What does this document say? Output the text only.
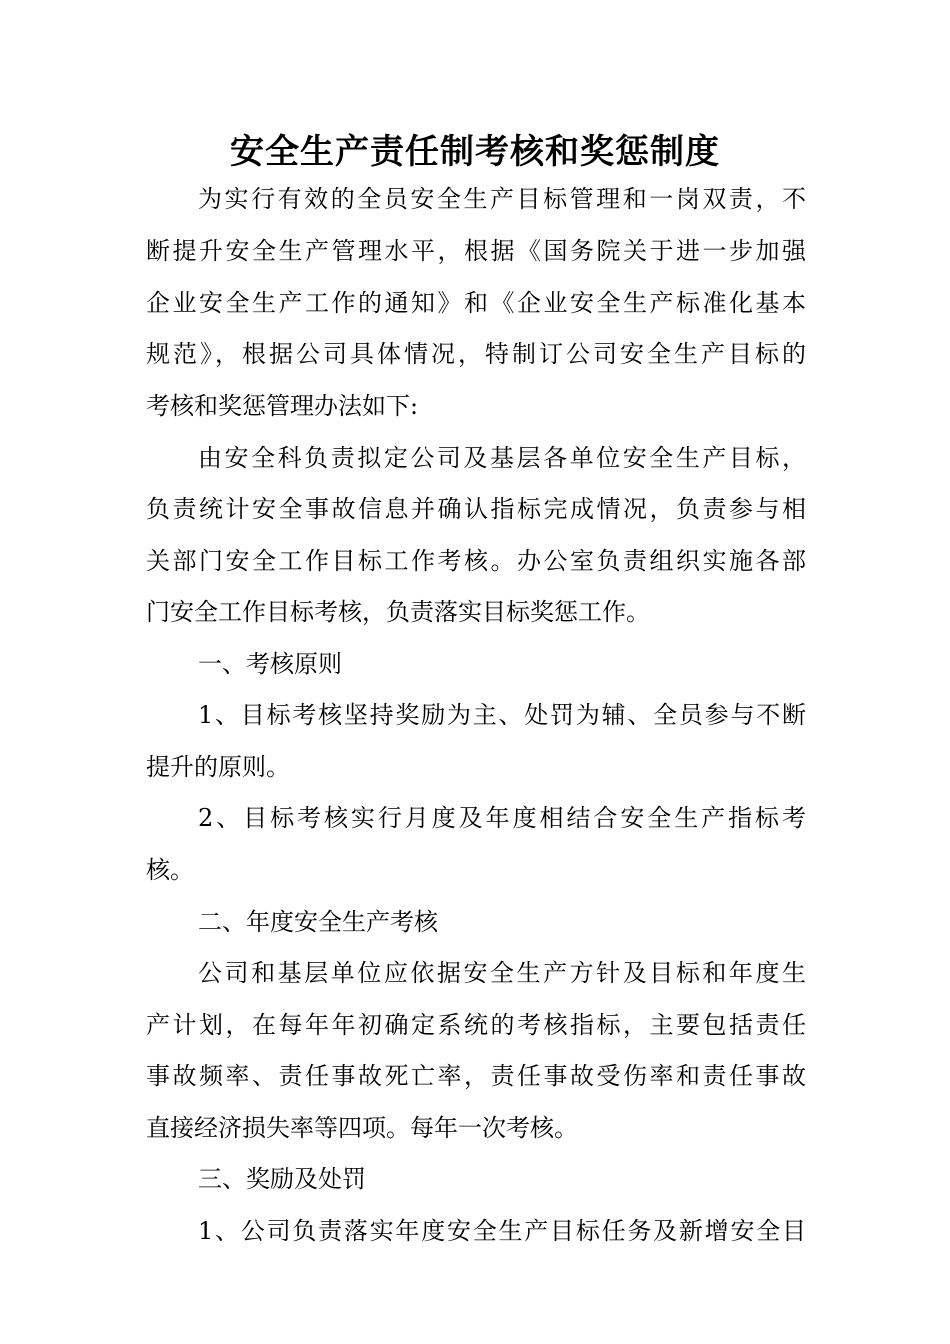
安全生产责任制考核和奖惩制度
为实行有效的全员安全生产目标管理和一岗双责，不
断提升安全生产管理水平，根据《国务院关于进一步加强
企业安全生产工作的通知》和《企业安全生产标准化基本
规范》，根据公司具体情况，特制订公司安全生产目标的
考核和奖惩管理办法如下:
由安全科负责拟定公司及基层各单位安全生产目标，
负责统计安全事故信息并确认指标完成情况，负责参与相
关部门安全工作目标工作考核。办公室负责组织实施各部
门安全工作目标考核，负责落实目标奖惩工作。
一、考核原则
1、目标考核坚持奖励为主、处罚为辅、全员参与不断
提升的原则。
2、目标考核实行月度及年度相结合安全生产指标考
核。
二、年度安全生产考核
公司和基层单位应依据安全生产方针及目标和年度生
产计划，在每年年初确定系统的考核指标，主要包括责任
事故频率、责任事故死亡率，责任事故受伤率和责任事故
直接经济损失率等四项。每年一次考核。
三、奖励及处罚
1、公司负责落实年度安全生产目标任务及新增安全目
